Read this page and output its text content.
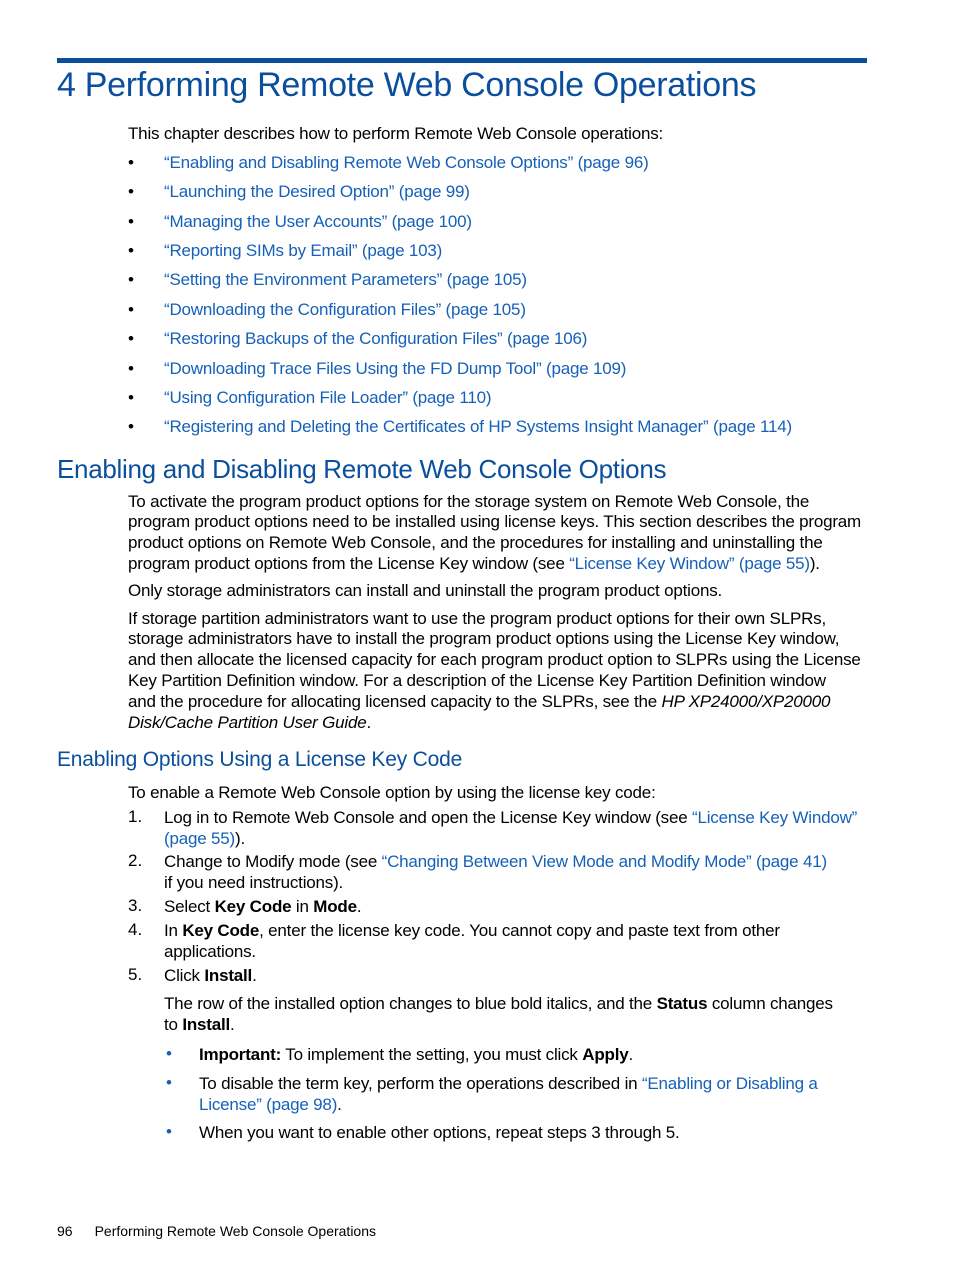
4 Performing Remote Web Console Operations
This chapter describes how to perform Remote Web Console operations:
• “Enabling and Disabling Remote Web Console Options” (page 96)
• “Launching the Desired Option” (page 99)
• “Managing the User Accounts” (page 100)
• “Reporting SIMs by Email” (page 103)
• “Setting the Environment Parameters” (page 105)
• “Downloading the Configuration Files” (page 105)
• “Restoring Backups of the Configuration Files” (page 106)
• “Downloading Trace Files Using the FD Dump Tool” (page 109)
• “Using Configuration File Loader” (page 110)
• “Registering and Deleting the Certificates of HP Systems Insight Manager” (page 114)
Enabling and Disabling Remote Web Console Options
To activate the program product options for the storage system on Remote Web Console, the
program product options need to be installed using license keys. This section describes the program
product options on Remote Web Console, and the procedures for installing and uninstalling the
program product options from the License Key window (see “License Key Window” (page 55)).
Only storage administrators can install and uninstall the program product options.
If storage partition administrators want to use the program product options for their own SLPRs,
storage administrators have to install the program product options using the License Key window,
and then allocate the licensed capacity for each program product option to SLPRs using the License
Key Partition Definition window. For a description of the License Key Partition Definition window
and the procedure for allocating licensed capacity to the SLPRs, see the HP XP24000/XP20000
Disk/Cache Partition User Guide.
Enabling Options Using a License Key Code
To enable a Remote Web Console option by using the license key code:
1. Log in to Remote Web Console and open the License Key window (see “License Key Window”
(page 55)).
2. Change to Modify mode (see “Changing Between View Mode and Modify Mode” (page 41)
if you need instructions).
3. Select Key Code in Mode.
4. In Key Code, enter the license key code. You cannot copy and paste text from other
applications.
5. Click Install.
The row of the installed option changes to blue bold italics, and the Status column changes
to Install.
• Important: To implement the setting, you must click Apply.
• To disable the term key, perform the operations described in “Enabling or Disabling a
License” (page 98).
• When you want to enable other options, repeat steps 3 through 5.
96 Performing Remote Web Console Operations
